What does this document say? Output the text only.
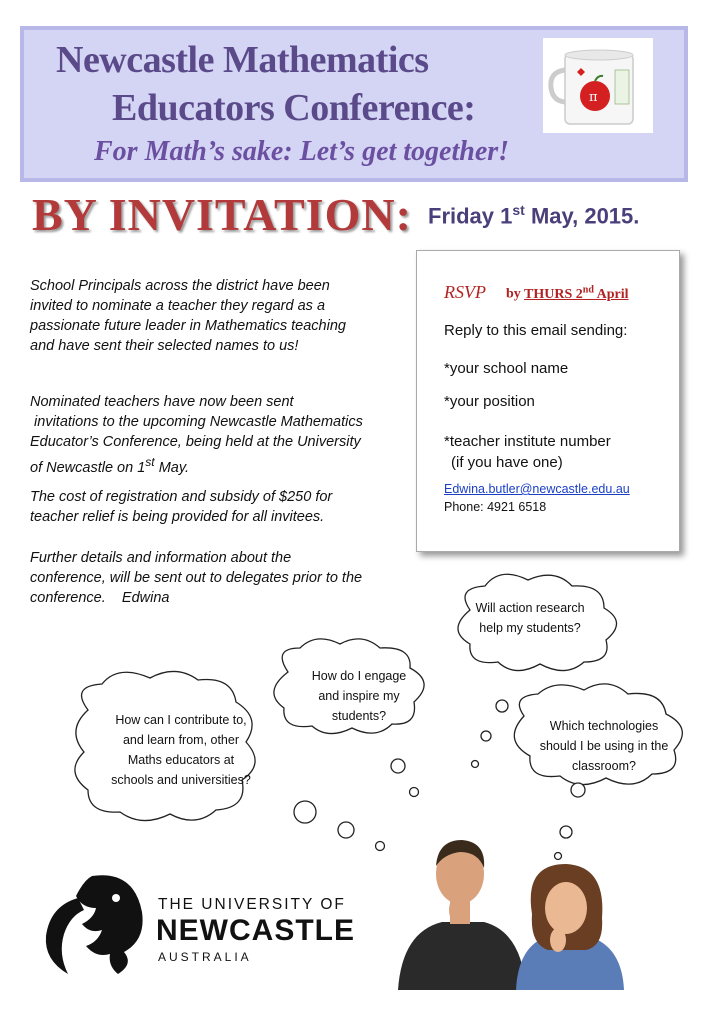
Newcastle Mathematics
Educators Conference:
For Math’s sake: Let’s get together!
π
BY INVITATION: Friday 1st May, 2015.
School Principals across the district have been invited to nominate a teacher they regard as a passionate future leader in Mathematics teaching and have sent their selected names to us!
Nominated teachers have now been sent
invitations to the upcoming Newcastle Mathematics Educator’s Conference, being held at the University of Newcastle on 1st May.
The cost of registration and subsidy of $250 for teacher relief is being provided for all invitees.
Further details and information about the conference, will be sent out to delegates prior to the conference. Edwina
RSVP by THURS 2nd April
Reply to this email sending:
*your school name
*your position
*teacher institute number
(if you have one)
Edwina.butler@newcastle.edu.au
Phone: 4921 6518
Will action research help my students?
How do I engage and inspire my students?
How can I contribute to, and learn from, other Maths educators at schools and universities?
Which technologies should I be using in the classroom?
THE UNIVERSITY OF
NEWCASTLE
AUSTRALIA
